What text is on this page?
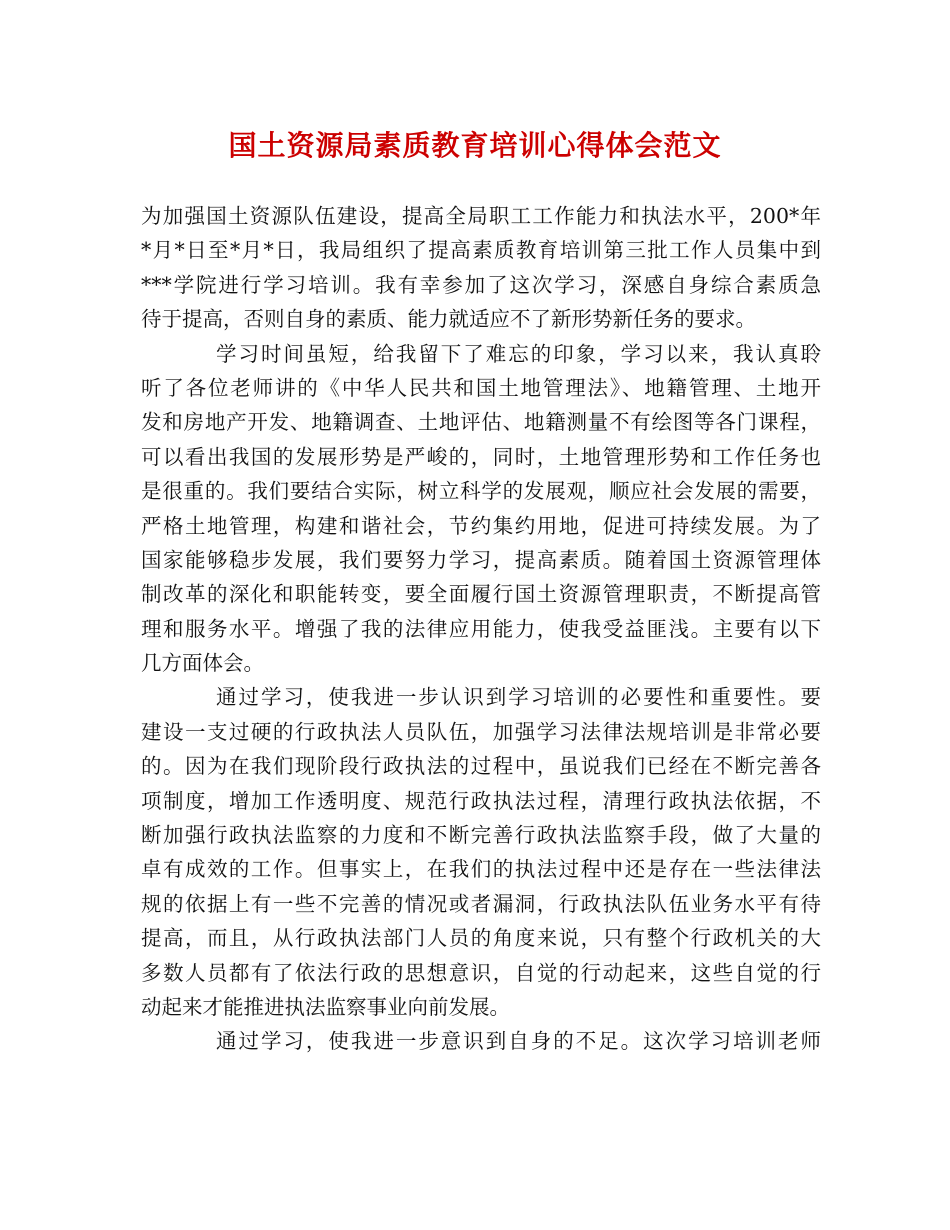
国土资源局素质教育培训心得体会范文
为加强国土资源队伍建设，提高全局职工工作能力和执法水平，200*年
*月*日至*月*日，我局组织了提高素质教育培训第三批工作人员集中到
***学院进行学习培训。我有幸参加了这次学习，深感自身综合素质急
待于提高，否则自身的素质、能力就适应不了新形势新任务的要求。
学习时间虽短，给我留下了难忘的印象，学习以来，我认真聆
听了各位老师讲的《中华人民共和国土地管理法》、地籍管理、土地开
发和房地产开发、地籍调查、土地评估、地籍测量不有绘图等各门课程，
可以看出我国的发展形势是严峻的，同时，土地管理形势和工作任务也
是很重的。我们要结合实际，树立科学的发展观，顺应社会发展的需要，
严格土地管理，构建和谐社会，节约集约用地，促进可持续发展。为了
国家能够稳步发展，我们要努力学习，提高素质。随着国土资源管理体
制改革的深化和职能转变，要全面履行国土资源管理职责，不断提高管
理和服务水平。增强了我的法律应用能力，使我受益匪浅。主要有以下
几方面体会。
通过学习，使我进一步认识到学习培训的必要性和重要性。要
建设一支过硬的行政执法人员队伍，加强学习法律法规培训是非常必要
的。因为在我们现阶段行政执法的过程中，虽说我们已经在不断完善各
项制度，增加工作透明度、规范行政执法过程，清理行政执法依据，不
断加强行政执法监察的力度和不断完善行政执法监察手段，做了大量的
卓有成效的工作。但事实上，在我们的执法过程中还是存在一些法律法
规的依据上有一些不完善的情况或者漏洞，行政执法队伍业务水平有待
提高，而且，从行政执法部门人员的角度来说，只有整个行政机关的大
多数人员都有了依法行政的思想意识，自觉的行动起来，这些自觉的行
动起来才能推进执法监察事业向前发展。
通过学习，使我进一步意识到自身的不足。这次学习培训老师
